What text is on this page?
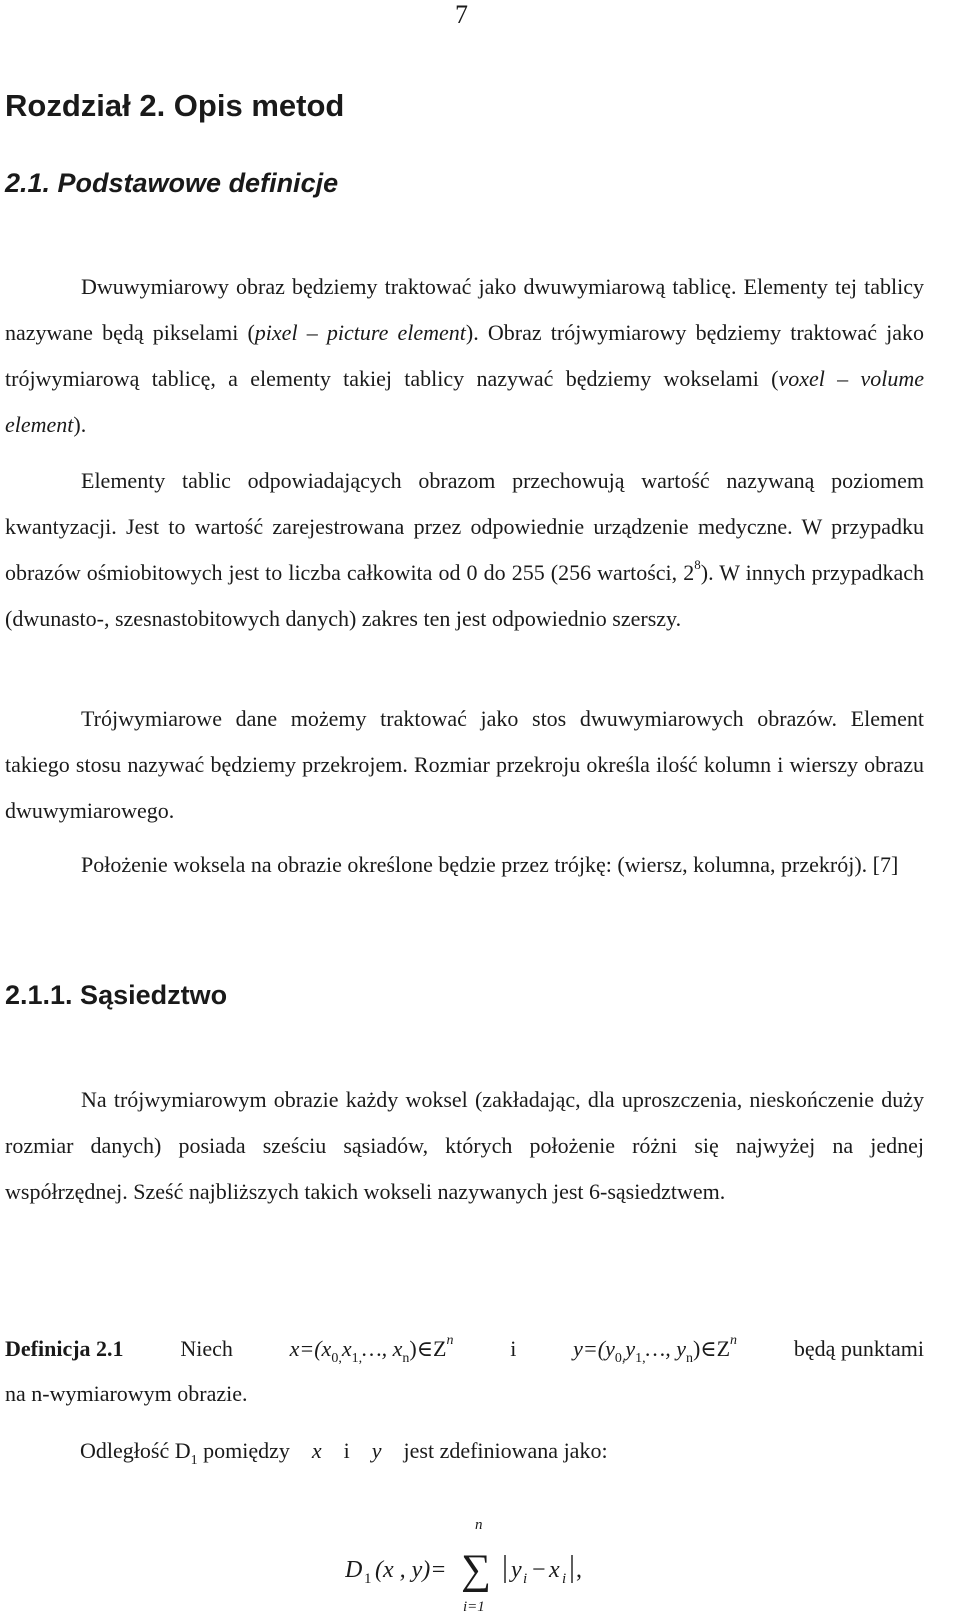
7
Rozdział 2. Opis metod
2.1. Podstawowe definicje
Dwuwymiarowy obraz będziemy traktować jako dwuwymiarową tablicę. Elementy tej tablicy nazywane będą pikselami (pixel – picture element). Obraz trójwymiarowy będziemy traktować jako trójwymiarową tablicę, a elementy takiej tablicy nazywać będziemy wokselami (voxel – volume element).
Elementy tablic odpowiadających obrazom przechowują wartość nazywaną poziomem kwantyzacji. Jest to wartość zarejestrowana przez odpowiednie urządzenie medyczne. W przypadku obrazów ośmiobitowych jest to liczba całkowita od 0 do 255 (256 wartości, $2^8$). W innych przypadkach (dwunasto-, szesnastobitowych danych) zakres ten jest odpowiednio szerszy.
Trójwymiarowe dane możemy traktować jako stos dwuwymiarowych obrazów. Element takiego stosu nazywać będziemy przekrojem. Rozmiar przekroju określa ilość kolumn i wierszy obrazu dwuwymiarowego.
Położenie woksela na obrazie określone będzie przez trójkę: (wiersz, kolumna, przekrój). [7]
2.1.1. Sąsiedztwo
Na trójwymiarowym obrazie każdy woksel (zakładając, dla uproszczenia, nieskończenie duży rozmiar danych) posiada sześciu sąsiadów, których położenie różni się najwyżej na jednej współrzędnej. Sześć najbliższych takich wokseli nazywanych jest 6-sąsiedztwem.
Definicja 2.1	Niech	$x=(x_{0,}x_{1,}\dots$, $x_n)\in Z^n$	i	$y=(y_{0,}y_{1,}\dots$, $y_n)\in Z^n$	będą punktami
na n-wymiarowym obrazie.
Odległość $D_1$ pomiędzy x i y jest zdefiniowana jako:
D 1 (x , y)=
n
∑
i=1
y i − x i ,
